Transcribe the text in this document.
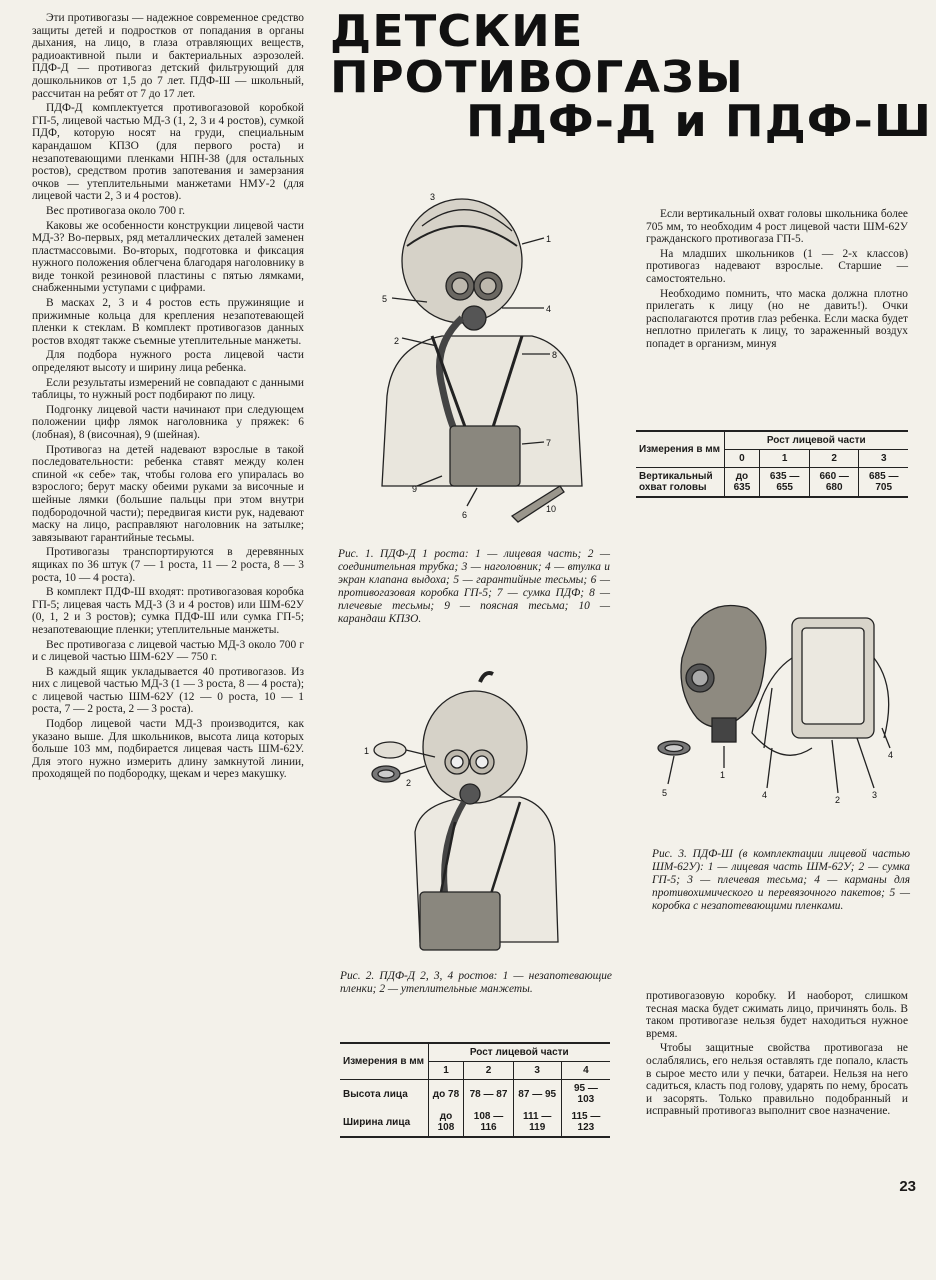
ДЕТСКИЕ
ПРОТИВОГАЗЫ
ПДФ-Д и ПДФ-Ш

Эти противогазы — надежное современное средство защиты детей и подростков от попадания в органы дыхания, на лицо, в глаза отравляющих веществ, радиоактивной пыли и бактериальных аэрозолей. ПДФ-Д — противогаз детский фильтрующий для дошкольников от 1,5 до 7 лет. ПДФ-Ш — школьный, рассчитан на ребят от 7 до 17 лет.

ПДФ-Д комплектуется противогазовой коробкой ГП-5, лицевой частью МД-3 (1, 2, 3 и 4 ростов), сумкой ПДФ, которую носят на груди, специальным карандашом КПЗО (для первого роста) и незапотевающими пленками НПН-38 (для остальных ростов), средством против запотевания и замерзания очков — утеплительными манжетами НМУ-2 (для лицевой части 2, 3 и 4 ростов).

Вес противогаза около 700 г.

Каковы же особенности конструкции лицевой части МД-3? Во-первых, ряд металлических деталей заменен пластмассовыми. Во-вторых, подготовка и фиксация нужного положения облегчена благодаря наголовнику в виде тонкой резиновой пластины с пятью лямками, снабженными уступами с цифрами.

В масках 2, 3 и 4 ростов есть пружинящие и прижимные кольца для крепления незапотевающей пленки к стеклам. В комплект противогазов данных ростов входят также съемные утеплительные манжеты.

Для подбора нужного роста лицевой части определяют высоту и ширину лица ребенка.

Если результаты измерений не совпадают с данными таблицы, то нужный рост подбирают по лицу.

Подгонку лицевой части начинают при следующем положении цифр лямок наголовника у пряжек: 6 (лобная), 8 (височная), 9 (шейная).

Противогаз на детей надевают взрослые в такой последовательности: ребенка ставят между колен спиной «к себе» так, чтобы голова его упиралась во взрослого; берут маску обеими руками за височные и шейные лямки (большие пальцы при этом внутри подбородочной части); передвигая кисти рук, надевают маску на лицо, расправляют наголовник на затылке; завязывают гарантийные тесьмы.

Противогазы транспортируются в деревянных ящиках по 36 штук (7 — 1 роста, 11 — 2 роста, 8 — 3 роста, 10 — 4 роста).

В комплект ПДФ-Ш входят: противогазовая коробка ГП-5; лицевая часть МД-3 (3 и 4 ростов) или ШМ-62У (0, 1, 2 и 3 ростов); сумка ПДФ-Ш или сумка ГП-5; незапотевающие пленки; утеплительные манжеты.

Вес противогаза с лицевой частью МД-3 около 700 г и с лицевой частью ШМ-62У — 750 г.

В каждый ящик укладывается 40 противогазов. Из них с лицевой частью МД-3 (1 — 3 роста, 8 — 4 роста); с лицевой частью ШМ-62У (12 — 0 роста, 10 — 1 роста, 7 — 2 роста, 2 — 3 роста).

Подбор лицевой части МД-3 производится, как указано выше. Для школьников, высота лица которых больше 103 мм, подбирается лицевая часть ШМ-62У. Для этого нужно измерить длину замкнутой линии, проходящей по подбородку, щекам и через макушку.

1
2
3
4
5
6
7
8
9
10
Рис. 1. ПДФ-Д 1 роста: 1 — лицевая часть; 2 — соединительная трубка; 3 — наголовник; 4 — втулка и экран клапана выдоха; 5 — гарантийные тесьмы; 6 — противогазовая коробка ГП-5; 7 — сумка ПДФ; 8 — плечевые тесьмы; 9 — поясная тесьма; 10 — карандаш КПЗО.
1
2
Рис. 2. ПДФ-Д 2, 3, 4 ростов: 1 — незапотевающие пленки; 2 — утеплительные манжеты.

Если вертикальный охват головы школьника более 705 мм, то необходим 4 рост лицевой части ШМ-62У гражданского противогаза ГП-5.

На младших школьников (1 — 2-х классов) противогаз надевают взрослые. Старшие — самостоятельно.

Необходимо помнить, что маска должна плотно прилегать к лицу (но не давить!). Очки располагаются против глаз ребенка. Если маска будет неплотно прилегать к лицу, то зараженный воздух попадет в организм, минуя

Измерения в мм	Рост лицевой части			
	0	1	2	3
Вертикальный охват головы	до 635	635 — 655	660 — 680	685 — 705
1
2	3
4
4
5
Рис. 3. ПДФ-Ш (в комплектации лицевой частью ШМ-62У): 1 — лицевая часть ШМ-62У; 2 — сумка ГП-5; 3 — плечевая тесьма; 4 — карманы для противохимического и перевязочного пакетов; 5 — коробка с незапотевающими пленками.
Измерения в мм	Рост лицевой части			
	1	2	3	4
Высота лица	до 78	78 — 87	87 — 95	95 — 103
Ширина лица	до 108	108 — 116	111 — 119	115 — 123

противогазовую коробку. И наоборот, слишком тесная маска будет сжимать лицо, причинять боль. В таком противогазе нельзя будет находиться нужное время.

Чтобы защитные свойства противогаза не ослаблялись, его нельзя оставлять где попало, класть в сырое место или у печки, батареи. Нельзя на него садиться, класть под голову, ударять по нему, бросать и засорять. Только правильно подобранный и исправный противогаз выполнит свое назначение.

23
